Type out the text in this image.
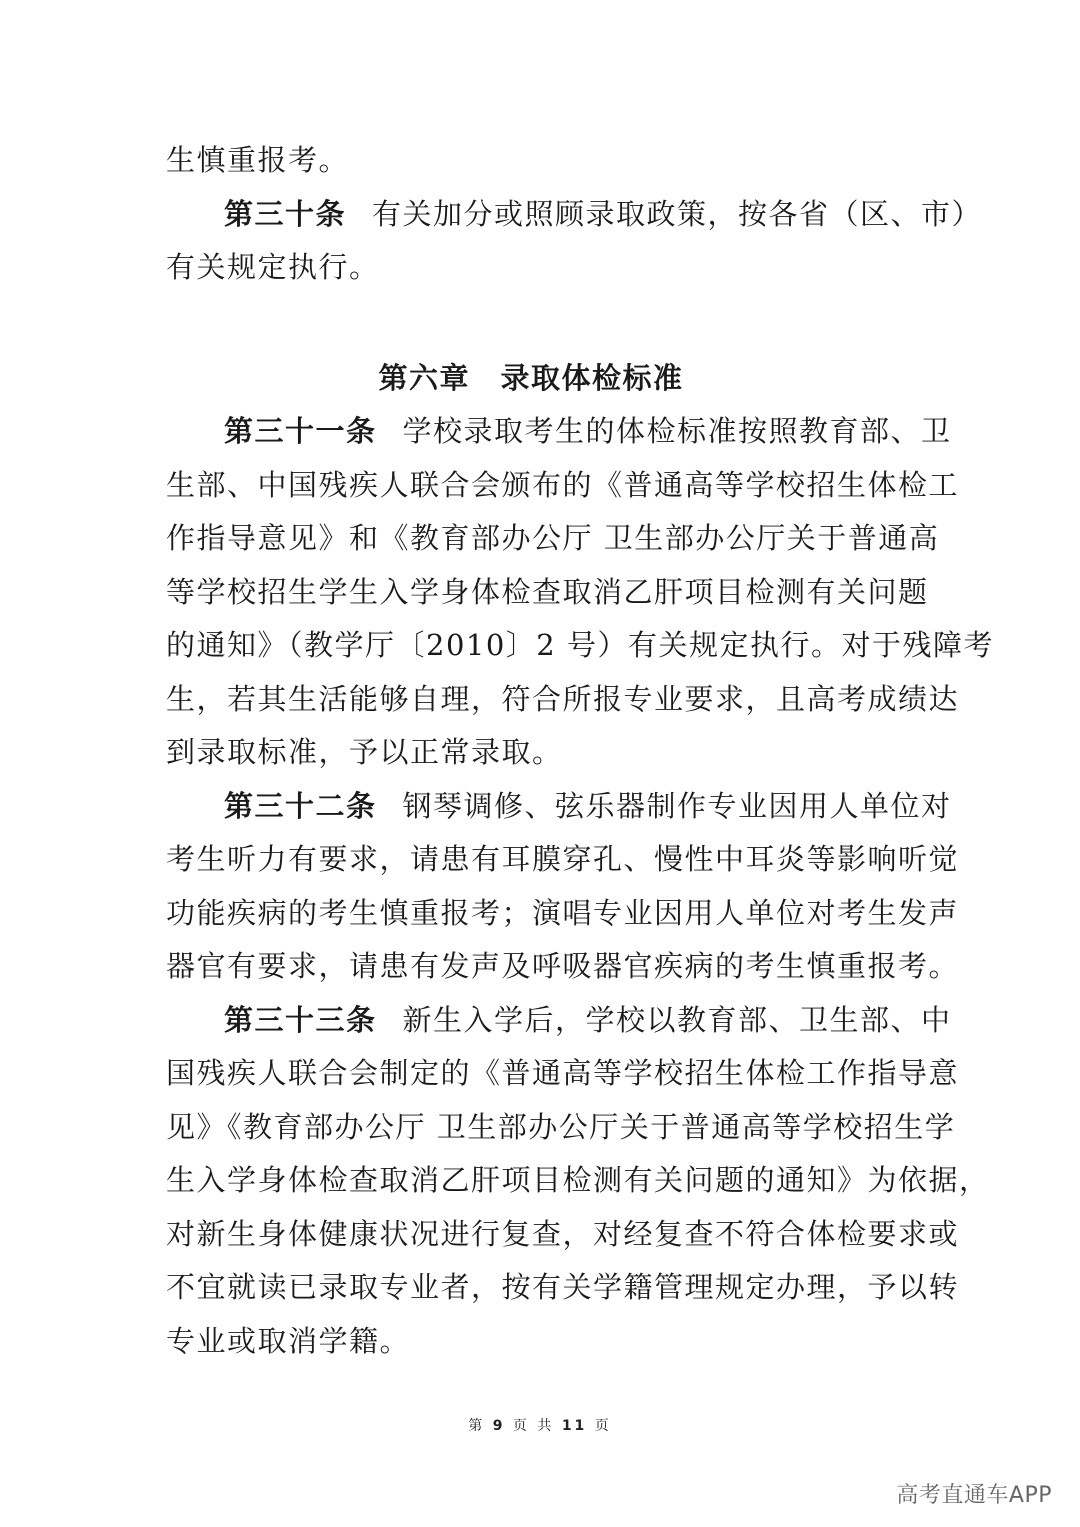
生慎重报考。
第三十条 有关加分或照顾录取政策，按各省（区、市）
有关规定执行。
第六章　录取体检标准
第三十一条 学校录取考生的体检标准按照教育部、卫
生部、中国残疾人联合会颁布的《普通高等学校招生体检工
作指导意见》和《教育部办公厅 卫生部办公厅关于普通高
等学校招生学生入学身体检查取消乙肝项目检测有关问题
的通知》（教学厅〔2010〕2 号）有关规定执行。对于残障考
生，若其生活能够自理，符合所报专业要求，且高考成绩达
到录取标准，予以正常录取。
第三十二条 钢琴调修、弦乐器制作专业因用人单位对
考生听力有要求，请患有耳膜穿孔、慢性中耳炎等影响听觉
功能疾病的考生慎重报考；演唱专业因用人单位对考生发声
器官有要求，请患有发声及呼吸器官疾病的考生慎重报考。
第三十三条 新生入学后，学校以教育部、卫生部、中
国残疾人联合会制定的《普通高等学校招生体检工作指导意
见》《教育部办公厅 卫生部办公厅关于普通高等学校招生学
生入学身体检查取消乙肝项目检测有关问题的通知》为依据，
对新生身体健康状况进行复查，对经复查不符合体检要求或
不宜就读已录取专业者，按有关学籍管理规定办理，予以转
专业或取消学籍。
第 9 页 共 11 页
高考直通车APP
